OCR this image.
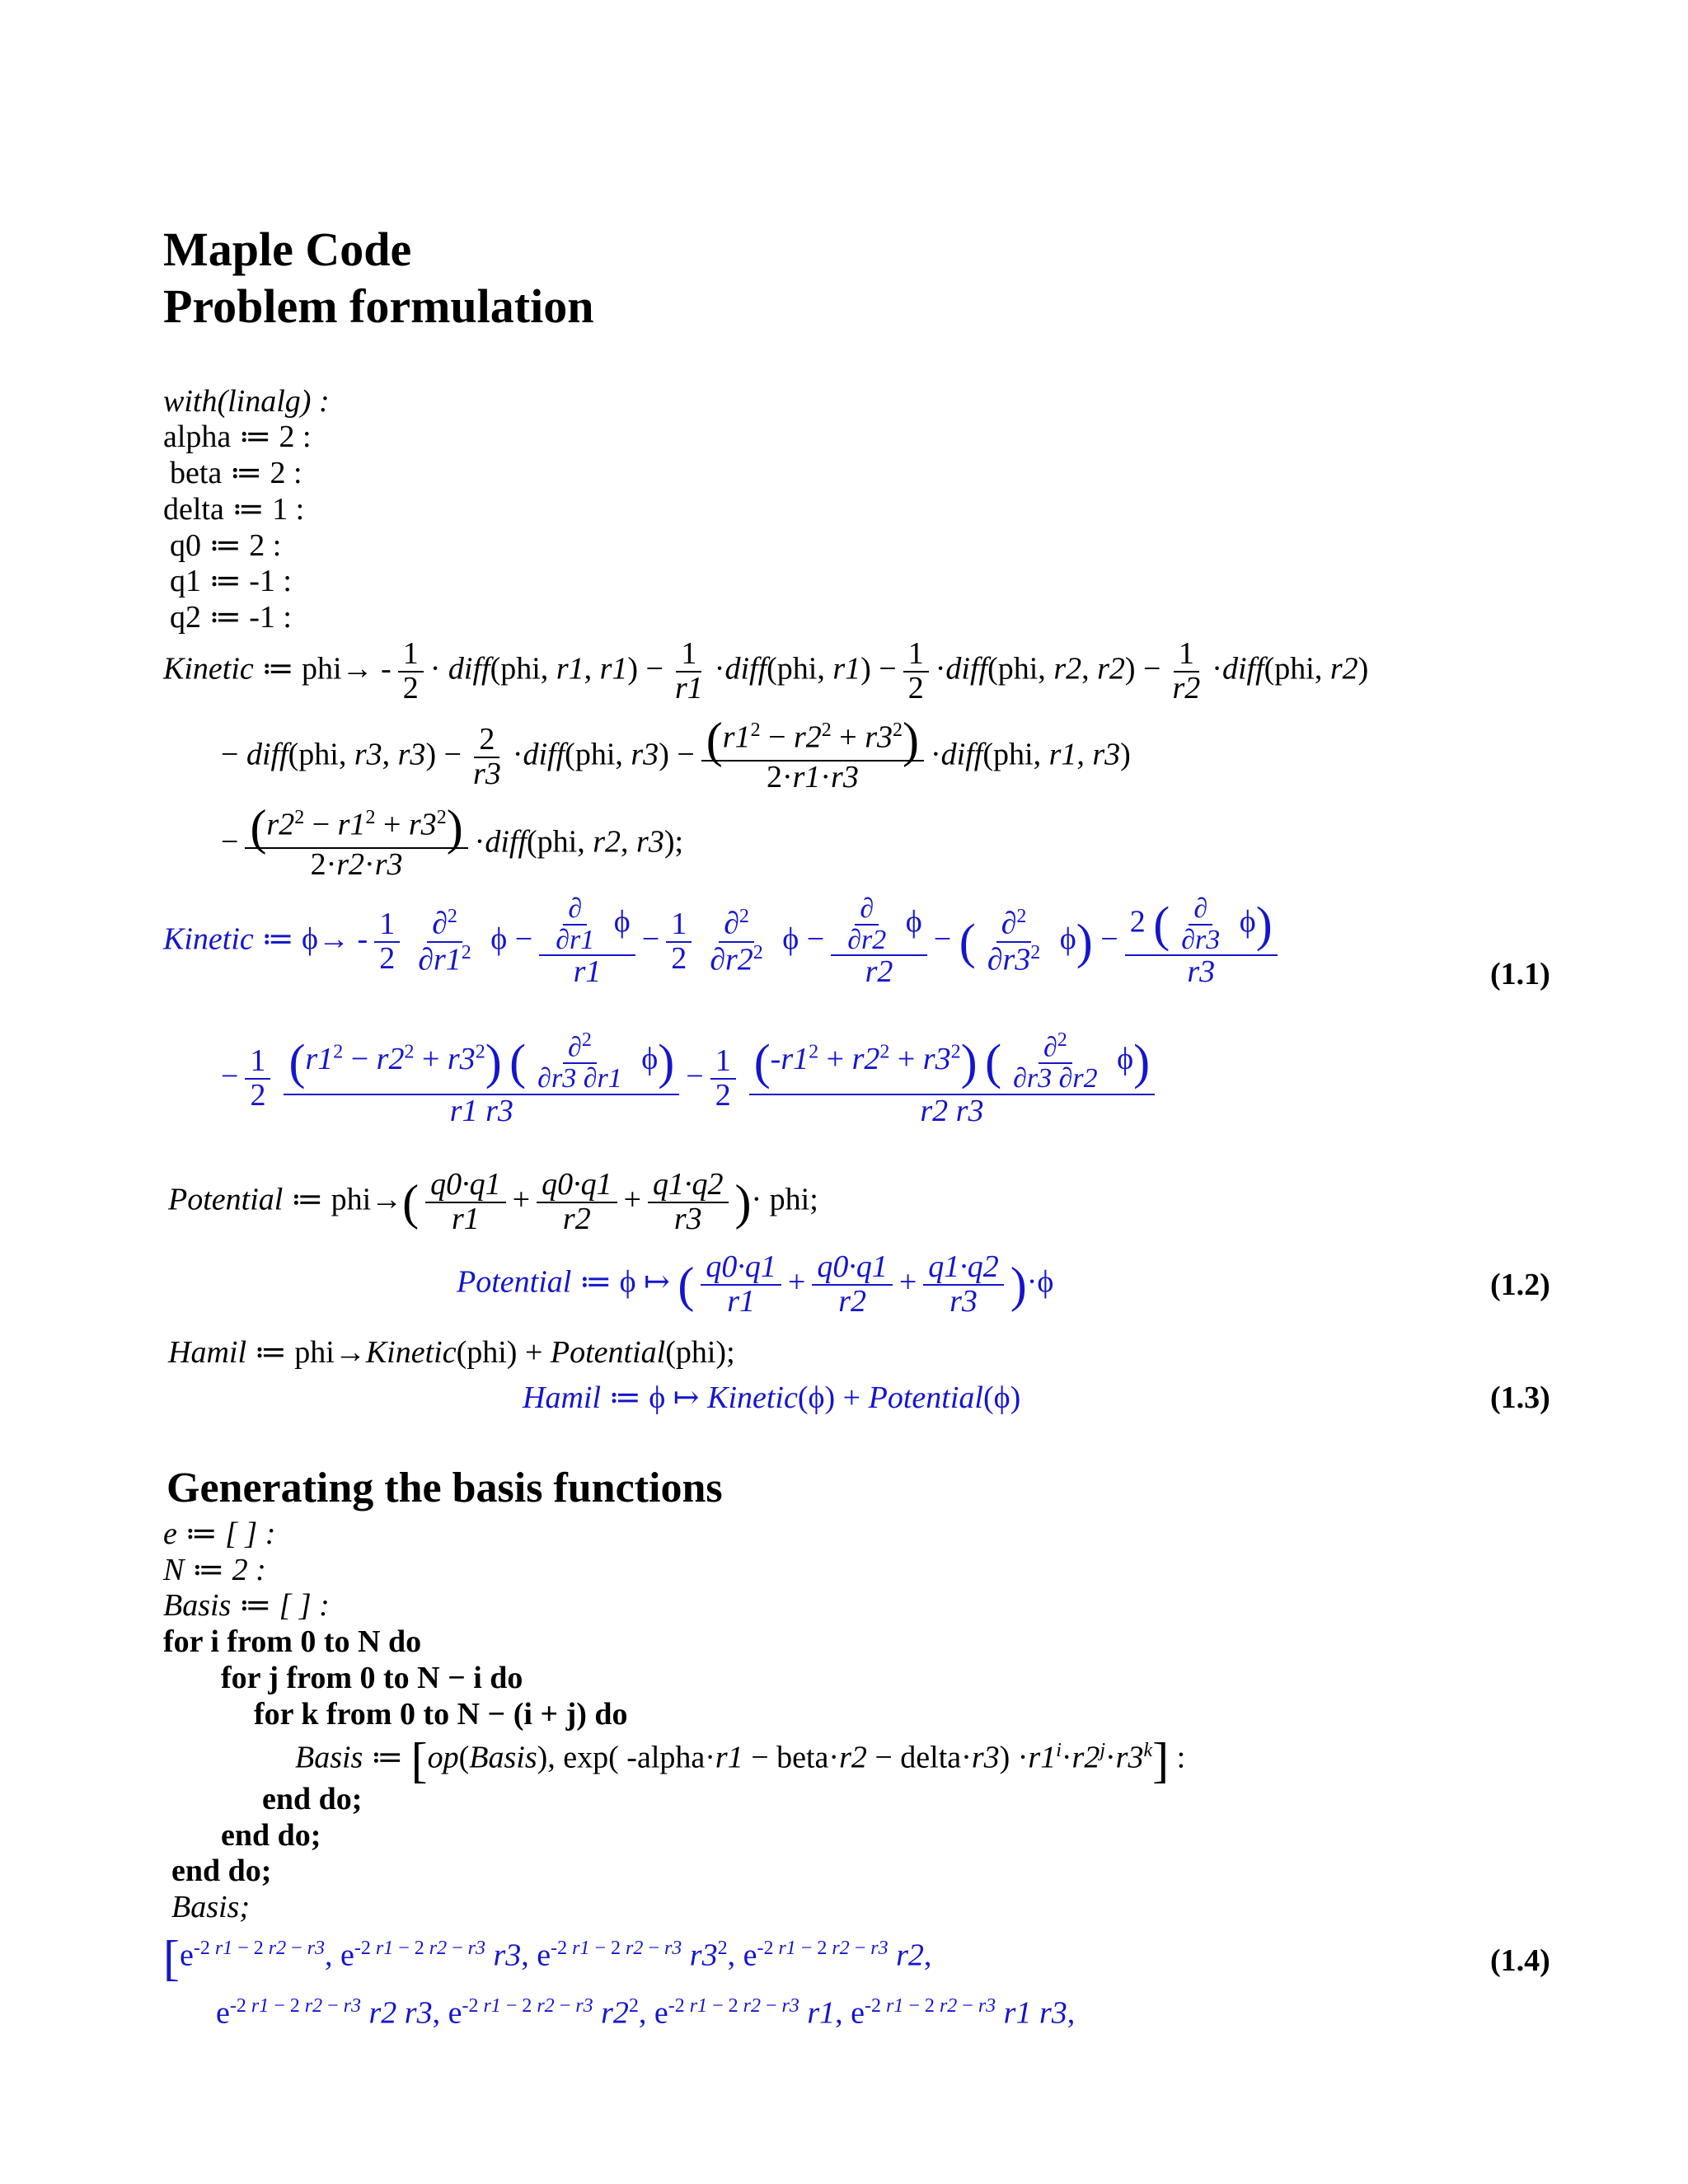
Maple Code
Problem formulation
with(linalg) :
alpha ≔ 2 :
beta ≔ 2 :
delta ≔ 1 :
q0 ≔ 2 :
q1 ≔ -1 :
q2 ≔ -1 :
Kinetic ≔ $phi\to - \frac{1}{2}$ · diff(phi, r1, $r1) - \frac{1}{r1}$ ·diff(phi, $r1) - \frac{1}{2}$ ·diff(phi, r2, $r2) - \frac{1}{r2}$ ·diff(phi, r2)
− diff(phi, r3, $r3) - \frac{2}{r3}$ ·diff(phi, $r3) - \frac{(r1^2 - r2^2 + r3^2)}{2\cdot r1\cdot r3}$ ·diff(phi, r1, r3)
− $\frac{(r2^2 - r1^2 + r3^2)}{2\cdot r2\cdot r3}$ ·diff(phi, r2, r3);
Kinetic ≔ $\phi\to - \frac{1}{2} \frac{\partial^2}{\partial r1^2}$ $\phi - \frac{\frac{\partial}{\partial r1} \phi}{r1} - \frac{1}{2} \frac{\partial^2}{\partial r2^2}$ $\phi - \frac{\frac{\partial}{\partial r2} \phi}{r2}$ − ( $\frac{\partial^2}{\partial r3^2} \phi) - \frac{2 ( \frac{\partial}{\partial r3} \phi)}{r3}$	(1.1)
− $\frac{1}{2} \frac{(r1^2 - r2^2 + r3^2) ( \frac{\partial^2}{\partial r3 \partial r1} \phi)}{r1 r3} - \frac{1}{2} \frac{(-r1^2 + r2^2 + r3^2) ( \frac{\partial^2}{\partial r3 \partial r2} \phi)}{r2 r3}$
Potential ≔ $phi\to( \frac{q0\cdot q1}{r1} + \frac{q0\cdot q1}{r2} + \frac{q1\cdot q2}{r3}$ )· phi;
Potential ≔ ϕ ↦ ( $\frac{q0\cdot q1}{r1} + \frac{q0\cdot q1}{r2} + \frac{q1\cdot q2}{r3} )\cdot\phi$	(1.2)
Hamil ≔ phi→Kinetic(phi) + Potential(phi);
Hamil ≔ ϕ ↦ Kinetic(ϕ) + Potential(ϕ)	(1.3)
Generating the basis functions
e ≔ [ ] :
N ≔ 2 :
Basis ≔ [ ] :
for i from 0 to N do
for j from 0 to N − i do
for k from 0 to N − (i + j) do
Basis ≔ [op(Basis), exp( -alpha·r1 − beta·r2 − delta·r3) $\cdot r1^i\cdot r2^j\cdot r3^k$] :
end do;
end do;
end do;
Basis;
[$e^{-2 r1 - 2 r2 - r3}$, $e^{-2 r1 - 2 r2 - r3}$ r3, $e^{-2 r1 - 2 r2 - r3}$ $r3^2$, $e^{-2 r1 - 2 r2 - r3}$ r2,	(1.4)
$e^{-2 r1 - 2 r2 - r3}$ r2 r3, $e^{-2 r1 - 2 r2 - r3}$ $r2^2$, $e^{-2 r1 - 2 r2 - r3}$ r1, $e^{-2 r1 - 2 r2 - r3}$ r1 r3,
